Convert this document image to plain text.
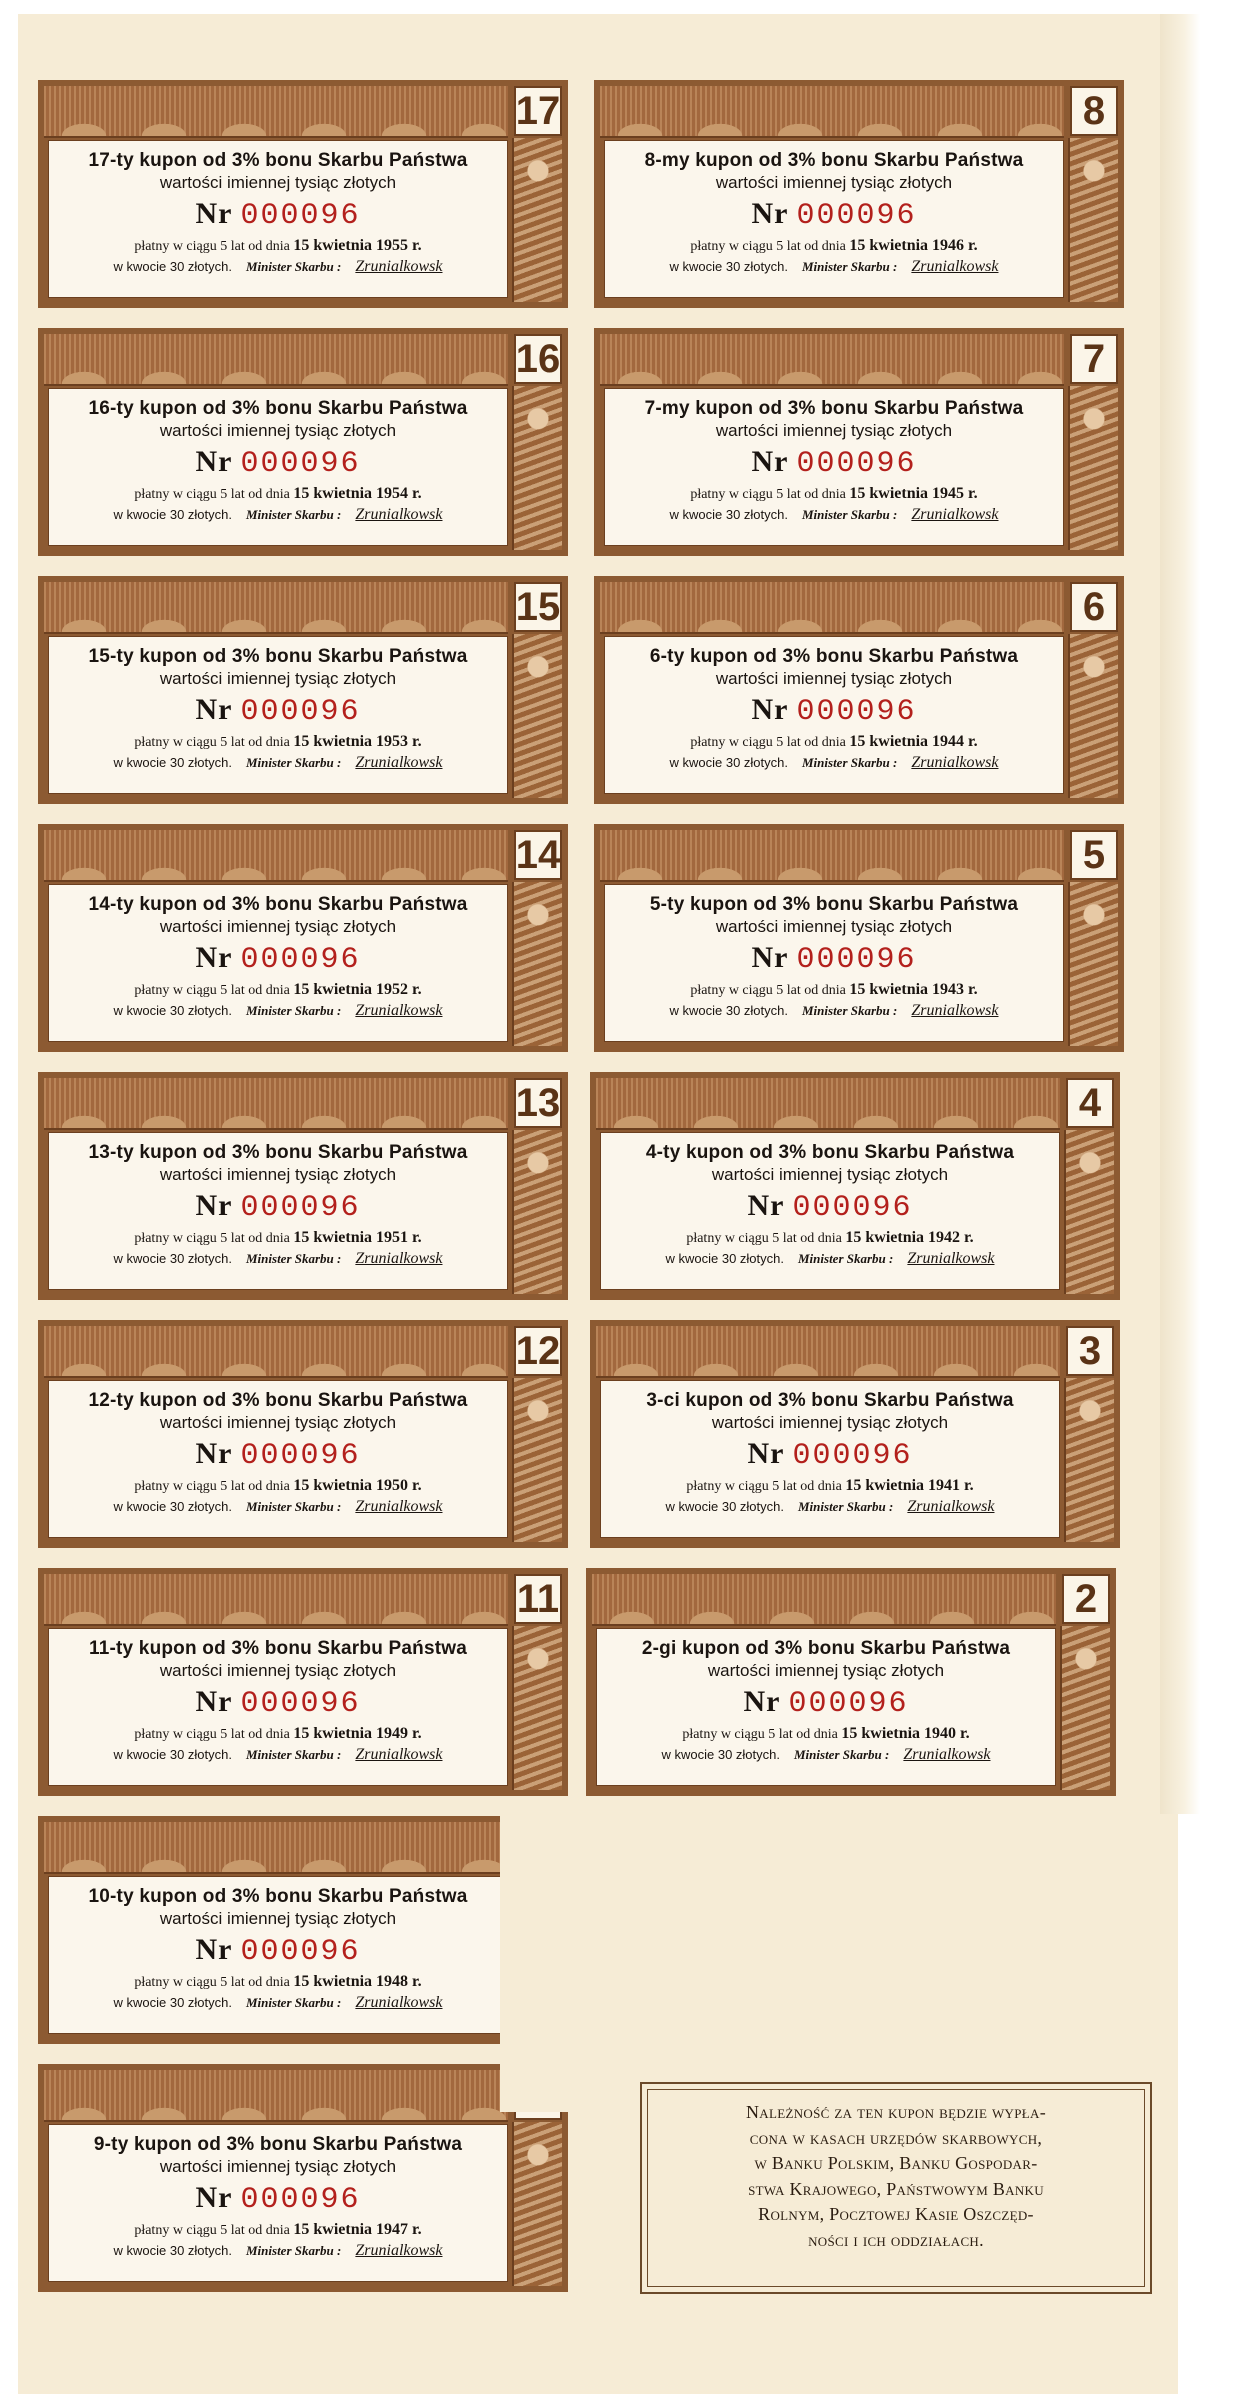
17
17-ty kupon od 3% bonu Skarbu Państwa
wartości imiennej tysiąc złotych
Nr 000096
płatny w ciągu 5 lat od dnia 15 kwietnia 1955 r.
w kwocie 30 złotych. Minister Skarbu : Zrunialkowsk
8
8-my kupon od 3% bonu Skarbu Państwa
wartości imiennej tysiąc złotych
Nr 000096
płatny w ciągu 5 lat od dnia 15 kwietnia 1946 r.
w kwocie 30 złotych. Minister Skarbu : Zrunialkowsk
16
16-ty kupon od 3% bonu Skarbu Państwa
wartości imiennej tysiąc złotych
Nr 000096
płatny w ciągu 5 lat od dnia 15 kwietnia 1954 r.
w kwocie 30 złotych. Minister Skarbu : Zrunialkowsk
7
7-my kupon od 3% bonu Skarbu Państwa
wartości imiennej tysiąc złotych
Nr 000096
płatny w ciągu 5 lat od dnia 15 kwietnia 1945 r.
w kwocie 30 złotych. Minister Skarbu : Zrunialkowsk
15
15-ty kupon od 3% bonu Skarbu Państwa
wartości imiennej tysiąc złotych
Nr 000096
płatny w ciągu 5 lat od dnia 15 kwietnia 1953 r.
w kwocie 30 złotych. Minister Skarbu : Zrunialkowsk
6
6-ty kupon od 3% bonu Skarbu Państwa
wartości imiennej tysiąc złotych
Nr 000096
płatny w ciągu 5 lat od dnia 15 kwietnia 1944 r.
w kwocie 30 złotych. Minister Skarbu : Zrunialkowsk
14
14-ty kupon od 3% bonu Skarbu Państwa
wartości imiennej tysiąc złotych
Nr 000096
płatny w ciągu 5 lat od dnia 15 kwietnia 1952 r.
w kwocie 30 złotych. Minister Skarbu : Zrunialkowsk
5
5-ty kupon od 3% bonu Skarbu Państwa
wartości imiennej tysiąc złotych
Nr 000096
płatny w ciągu 5 lat od dnia 15 kwietnia 1943 r.
w kwocie 30 złotych. Minister Skarbu : Zrunialkowsk
13
13-ty kupon od 3% bonu Skarbu Państwa
wartości imiennej tysiąc złotych
Nr 000096
płatny w ciągu 5 lat od dnia 15 kwietnia 1951 r.
w kwocie 30 złotych. Minister Skarbu : Zrunialkowsk
4
4-ty kupon od 3% bonu Skarbu Państwa
wartości imiennej tysiąc złotych
Nr 000096
płatny w ciągu 5 lat od dnia 15 kwietnia 1942 r.
w kwocie 30 złotych. Minister Skarbu : Zrunialkowsk
12
12-ty kupon od 3% bonu Skarbu Państwa
wartości imiennej tysiąc złotych
Nr 000096
płatny w ciągu 5 lat od dnia 15 kwietnia 1950 r.
w kwocie 30 złotych. Minister Skarbu : Zrunialkowsk
3
3-ci kupon od 3% bonu Skarbu Państwa
wartości imiennej tysiąc złotych
Nr 000096
płatny w ciągu 5 lat od dnia 15 kwietnia 1941 r.
w kwocie 30 złotych. Minister Skarbu : Zrunialkowsk
11
11-ty kupon od 3% bonu Skarbu Państwa
wartości imiennej tysiąc złotych
Nr 000096
płatny w ciągu 5 lat od dnia 15 kwietnia 1949 r.
w kwocie 30 złotych. Minister Skarbu : Zrunialkowsk
2
2-gi kupon od 3% bonu Skarbu Państwa
wartości imiennej tysiąc złotych
Nr 000096
płatny w ciągu 5 lat od dnia 15 kwietnia 1940 r.
w kwocie 30 złotych. Minister Skarbu : Zrunialkowsk
10-ty kupon od 3% bonu Skarbu Państwa
wartości imiennej tysiąc złotych
Nr 000096
płatny w ciągu 5 lat od dnia 15 kwietnia 1948 r.
w kwocie 30 złotych. Minister Skarbu : Zrunialkowsk
9-ty kupon od 3% bonu Skarbu Państwa
wartości imiennej tysiąc złotych
Nr 000096
płatny w ciągu 5 lat od dnia 15 kwietnia 1947 r.
w kwocie 30 złotych. Minister Skarbu : Zrunialkowsk
Należność za ten kupon będzie wypła-
cona w kasach urzędów skarbowych,
w Banku Polskim, Banku Gospodar-
stwa Krajowego, Państwowym Banku
Rolnym, Pocztowej Kasie Oszczęd-
ności i ich oddziałach.
